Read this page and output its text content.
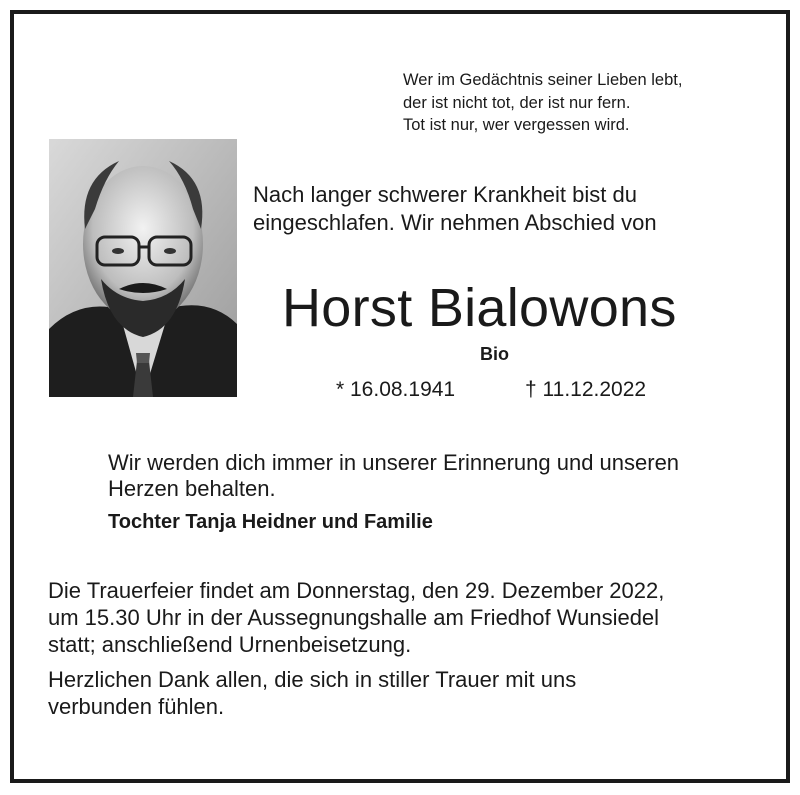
Wer im Gedächtnis seiner Lieben lebt,
der ist nicht tot, der ist nur fern.
Tot ist nur, wer vergessen wird.
Nach langer schwerer Krankheit bist du
eingeschlafen. Wir nehmen Abschied von
Horst Bialowons
Bio
* 16.08.1941	† 11.12.2022
Wir werden dich immer in unserer Erinnerung und unseren
Herzen behalten.
Tochter Tanja Heidner und Familie
Die Trauerfeier findet am Donnerstag, den 29. Dezember 2022,
um 15.30 Uhr in der Aussegnungshalle am Friedhof Wunsiedel
statt; anschließend Urnenbeisetzung.
Herzlichen Dank allen, die sich in stiller Trauer mit uns
verbunden fühlen.
